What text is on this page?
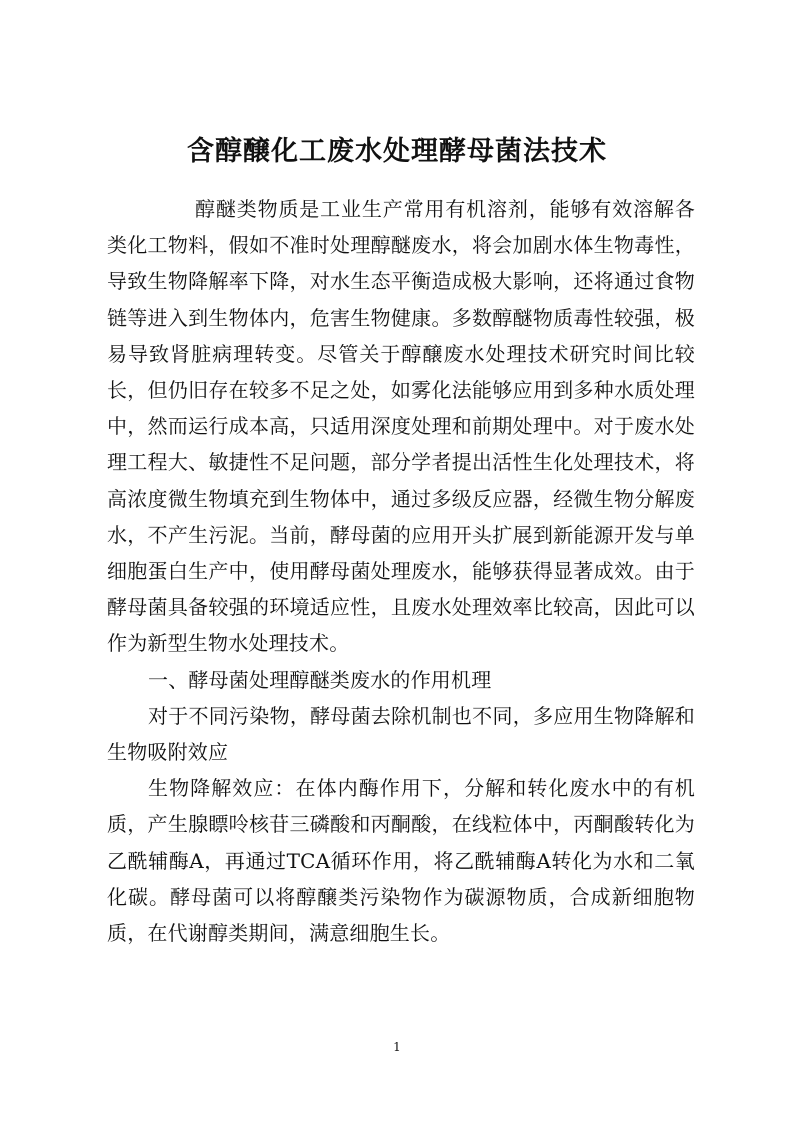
含醇醸化工废水处理酵母菌法技术

醇醚类物质是工业生产常用有机溶剂，能够有效溶解各类化工物料，假如不准时处理醇醚废水，将会加剧水体生物毒性，导致生物降解率下降，对水生态平衡造成极大影响，还将通过食物链等进入到生物体内，危害生物健康。多数醇醚物质毒性较强，极易导致肾脏病理转变。尽管关于醇醸废水处理技术研究时间比较长，但仍旧存在较多不足之处，如雾化法能够应用到多种水质处理中，然而运行成本高，只适用深度处理和前期处理中。对于废水处理工程大、敏捷性不足问题，部分学者提出活性生化处理技术，将高浓度微生物填充到生物体中，通过多级反应器，经微生物分解废水，不产生污泥。当前，酵母菌的应用开头扩展到新能源开发与单细胞蛋白生产中，使用酵母菌处理废水，能够获得显著成效。由于酵母菌具备较强的环境适应性，且废水处理效率比较高，因此可以作为新型生物水处理技术。

一、酵母菌处理醇醚类废水的作用机理

对于不同污染物，酵母菌去除机制也不同，多应用生物降解和生物吸附效应

生物降解效应：在体内酶作用下，分解和转化废水中的有机质，产生腺瞟呤核苷三磷酸和丙酮酸，在线粒体中，丙酮酸转化为乙酰辅酶A，再通过TCA循环作用，将乙酰辅酶A转化为水和二氧化碳。酵母菌可以将醇醸类污染物作为碳源物质，合成新细胞物质，在代谢醇类期间，满意细胞生长。

1
